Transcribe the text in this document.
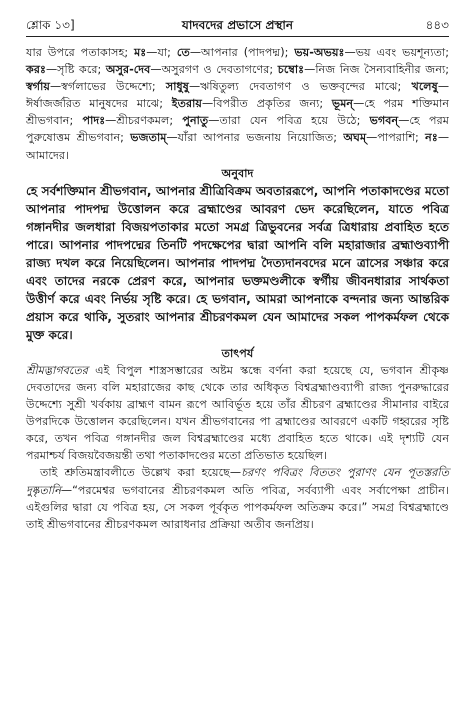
শ্লোক ১৩]	যাদবদের প্রভাসে প্রস্থান	৪৪৩

যার উপরে পতাকাসহ; মঃ—যা; তে—আপনার (পাদপদ্ম); ভয়-অভয়ঃ—ভয় এবং ভয়শূন্যতা; করঃ—সৃষ্টি করে; অসুর-দেব—অসুরগণ ও দেবতাগণের; চম্বোঃ—নিজ নিজ সৈন্যবাহিনীর জন্য; স্বর্গায়—স্বর্গলাভের উদ্দেশ্যে; সাধুষু—ঋষিতুল্য দেবতাগণ ও ভক্তবৃন্দের মাঝে; খলেষু—ঈর্ষাজর্জরিত মানুষদের মাঝে; ইতরায়—বিপরীত প্রকৃতির জন্য; ভূমন্—হে পরম শক্তিমান শ্রীভগবান; পাদঃ—শ্রীচরণকমল; পুনাতু—তারা যেন পবিত্র হয়ে উঠে; ভগবন্—হে পরম পুরুষোত্তম শ্রীভগবান; ভজতাম্—যাঁরা আপনার ভজনায় নিয়োজিত; অঘম্—পাপরাশি; নঃ—আমাদের।

অনুবাদ

হে সর্বশক্তিমান শ্রীভগবান, আপনার শ্রীত্রিবিক্রম অবতাররূপে, আপনি পতাকাদণ্ডের মতো আপনার পাদপদ্ম উত্তোলন করে ব্রহ্মাণ্ডের আবরণ ভেদ করেছিলেন, যাতে পবিত্র গঙ্গানদীর জলধারা বিজয়পতাকার মতো সমগ্র ত্রিভুবনের সর্বত্র ত্রিধারায় প্রবাহিত হতে পারে। আপনার পাদপদ্মের তিনটি পদক্ষেপের দ্বারা আপনি বলি মহারাজার ব্রহ্মাণ্ডব্যাপী রাজ্য দখল করে নিয়েছিলেন। আপনার পাদপদ্ম দৈত্যদানবদের মনে ত্রাসের সঞ্চার করে এবং তাদের নরকে প্রেরণ করে, আপনার ভক্তমণ্ডলীকে স্বর্গীয় জীবনধারার সার্থকতা উত্তীর্ণ করে এবং নির্ভয় সৃষ্টি করে। হে ভগবান, আমরা আপনাকে বন্দনার জন্য আন্তরিক প্রয়াস করে থাকি, সুতরাং আপনার শ্রীচরণকমল যেন আমাদের সকল পাপকর্মফল থেকে মুক্ত করে।

তাৎপর্য

শ্রীমদ্ভাগবতের এই বিপুল শাস্ত্রসম্ভারের অষ্টম স্কন্ধে বর্ণনা করা হয়েছে যে, ভগবান শ্রীকৃষ্ণ দেবতাদের জন্য বলি মহারাজের কাছ থেকে তার অধিকৃত বিশ্বব্রহ্মাণ্ডব্যাপী রাজ্য পুনরুদ্ধারের উদ্দেশ্যে সুশ্রী খর্বকায় ব্রাহ্মণ বামন রূপে আবির্ভূত হয়ে তাঁর শ্রীচরণ ব্রহ্মাণ্ডের সীমানার বাইরে উপরদিকে উত্তোলন করেছিলেন। যখন শ্রীভগবানের পা ব্রহ্মাণ্ডের আবরণে একটি গহ্বরের সৃষ্টি করে, তখন পবিত্র গঙ্গানদীর জল বিশ্বব্রহ্মাণ্ডের মধ্যে প্রবাহিত হতে থাকে। এই দৃশ্যটি যেন পরমাশ্চর্য বিজয়বৈজয়ন্তী তথা পতাকাদণ্ডের মতো প্রতিভাত হয়েছিল।

তাই শ্রুতিমন্ত্রাবলীতে উল্লেখ করা হয়েছে—চরণং পবিত্রং বিততং পুরাণং যেন পূতস্তরতি দুষ্কৃতানি—“পরমেশ্বর ভগবানের শ্রীচরণকমল অতি পবিত্র, সর্বব্যাপী এবং সর্বাপেক্ষা প্রাচীন। এইগুলির দ্বারা যে পবিত্র হয়, সে সকল পূর্বকৃত পাপকর্মফল অতিক্রম করে।” সমগ্র বিশ্বব্রহ্মাণ্ডে তাই শ্রীভগবানের শ্রীচরণকমল আরাধনার প্রক্রিয়া অতীব জনপ্রিয়।
